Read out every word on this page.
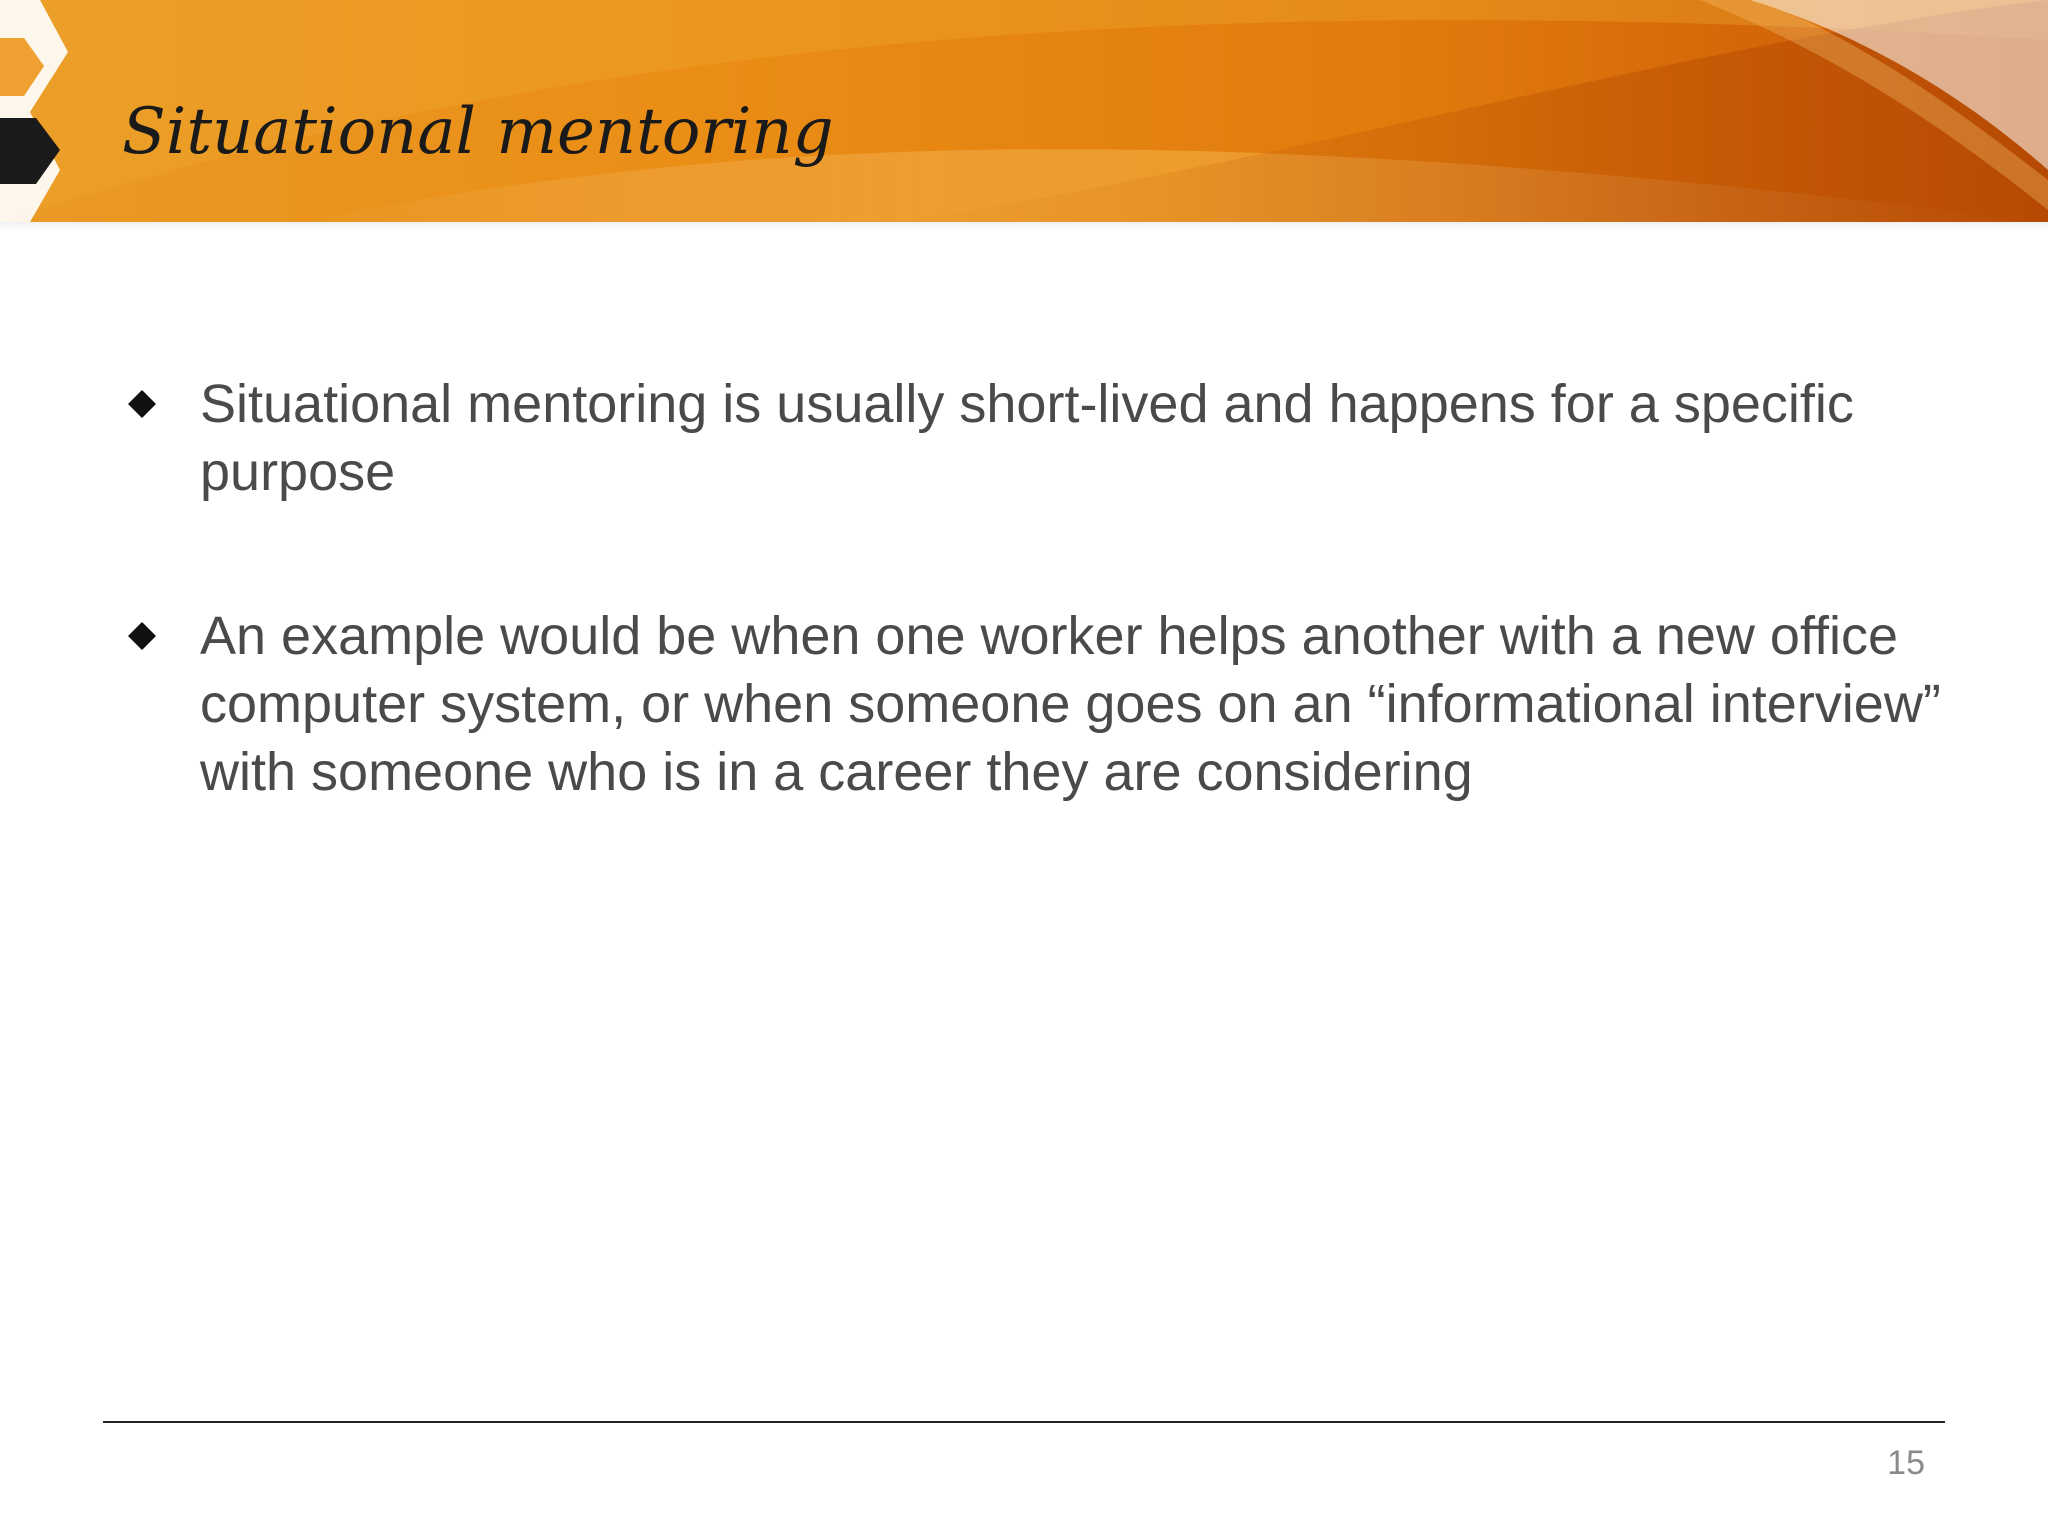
Situational mentoring
Situational mentoring is usually short-lived and happens for a specific purpose
An example would be when one worker helps another with a new office computer system, or when someone goes on an “informational interview” with someone who is in a career they are considering
15
